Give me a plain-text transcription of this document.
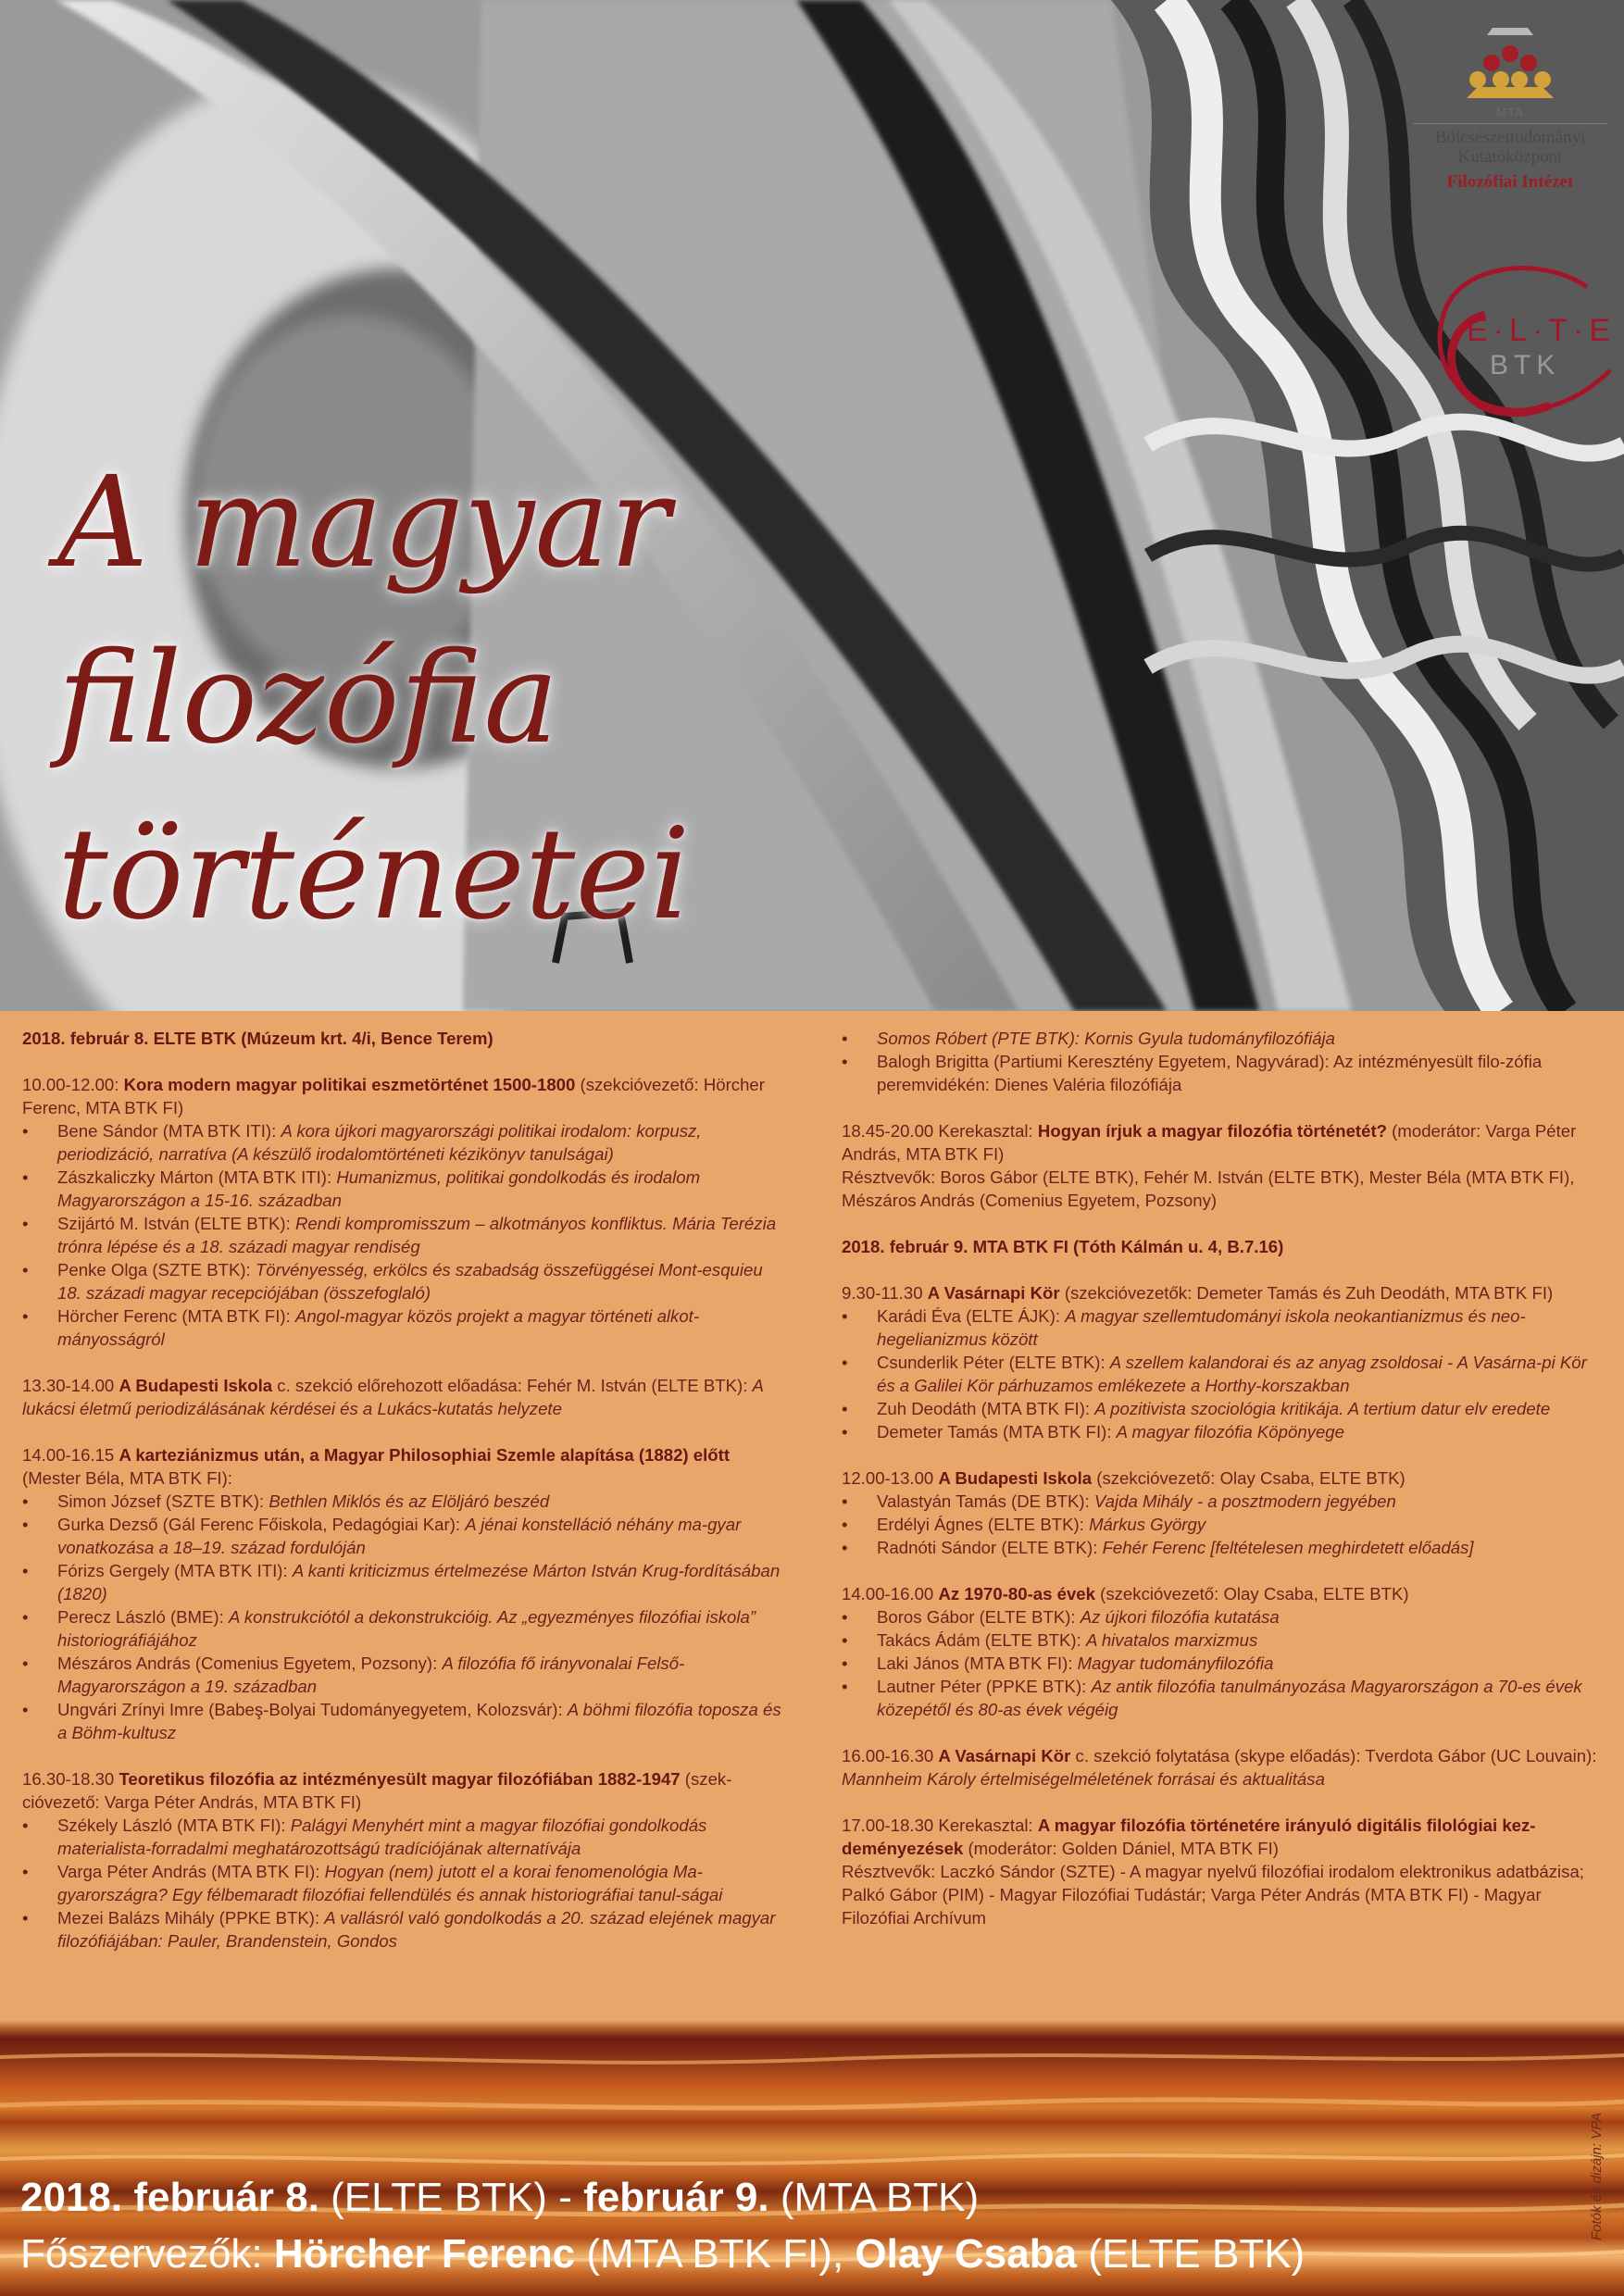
A magyar
filozófia
történetei
MTA
Bölcsészettudományi
Kutatóközpont
Filozófiai Intézet
E·L·T·E
BTK

2018. február 8. ELTE BTK (Múzeum krt. 4/i, Bence Terem)

10.00-12.00: Kora modern magyar politikai eszmetörténet 1500-1800 (szekcióvezető: Hörcher Ferenc, MTA BTK FI)

• Bene Sándor (MTA BTK ITI): A kora újkori magyarországi politikai irodalom: korpusz, periodizáció, narratíva (A készülő irodalomtörténeti kézikönyv tanulságai)
• Zászkaliczky Márton (MTA BTK ITI): Humanizmus, politikai gondolkodás és irodalom Magyarországon a 15-16. században
• Szijártó M. István (ELTE BTK): Rendi kompromisszum – alkotmányos konfliktus. Mária Terézia trónra lépése és a 18. századi magyar rendiség
• Penke Olga (SZTE BTK): Törvényesség, erkölcs és szabadság összefüggései Mont-esquieu 18. századi magyar recepciójában (összefoglaló)
• Hörcher Ferenc (MTA BTK FI): Angol-magyar közös projekt a magyar történeti alkot-mányosságról

13.30-14.00 A Budapesti Iskola c. szekció előrehozott előadása: Fehér M. István (ELTE BTK): A lukácsi életmű periodizálásának kérdései és a Lukács-kutatás helyzete

14.00-16.15 A karteziánizmus után, a Magyar Philosophiai Szemle alapítása (1882) előtt (Mester Béla, MTA BTK FI):

• Simon József (SZTE BTK): Bethlen Miklós és az Elöljáró beszéd
• Gurka Dezső (Gál Ferenc Főiskola, Pedagógiai Kar): A jénai konstelláció néhány ma-gyar vonatkozása a 18–19. század fordulóján
• Fórizs Gergely (MTA BTK ITI): A kanti kriticizmus értelmezése Márton István Krug-fordításában (1820)
• Perecz László (BME): A konstrukciótól a dekonstrukcióig. Az „egyezményes filozófiai iskola” historiográfiájához
• Mészáros András (Comenius Egyetem, Pozsony): A filozófia fő irányvonalai Felső-Magyarországon a 19. században
• Ungvári Zrínyi Imre (Babeş-Bolyai Tudományegyetem, Kolozsvár): A böhmi filozófia toposza és a Böhm-kultusz

16.30-18.30 Teoretikus filozófia az intézményesült magyar filozófiában 1882-1947 (szek-cióvezető: Varga Péter András, MTA BTK FI)

• Székely László (MTA BTK FI): Palágyi Menyhért mint a magyar filozófiai gondolkodás materialista-forradalmi meghatározottságú tradíciójának alternatívája
• Varga Péter András (MTA BTK FI): Hogyan (nem) jutott el a korai fenomenológia Ma-gyarországra? Egy félbemaradt filozófiai fellendülés és annak historiográfiai tanul-ságai
• Mezei Balázs Mihály (PPKE BTK): A vallásról való gondolkodás a 20. század elejének magyar filozófiájában: Pauler, Brandenstein, Gondos
• Somos Róbert (PTE BTK): Kornis Gyula tudományfilozófiája
• Balogh Brigitta (Partiumi Keresztény Egyetem, Nagyvárad): Az intézményesült filo-zófia peremvidékén: Dienes Valéria filozófiája

18.45-20.00 Kerekasztal: Hogyan írjuk a magyar filozófia történetét? (moderátor: Varga Péter András, MTA BTK FI)

Résztvevők: Boros Gábor (ELTE BTK), Fehér M. István (ELTE BTK), Mester Béla (MTA BTK FI), Mészáros András (Comenius Egyetem, Pozsony)

2018. február 9. MTA BTK FI (Tóth Kálmán u. 4, B.7.16)

9.30-11.30 A Vasárnapi Kör (szekcióvezetők: Demeter Tamás és Zuh Deodáth, MTA BTK FI)

• Karádi Éva (ELTE ÁJK): A magyar szellemtudományi iskola neokantianizmus és neo-hegelianizmus között
• Csunderlik Péter (ELTE BTK): A szellem kalandorai és az anyag zsoldosai - A Vasárna-pi Kör és a Galilei Kör párhuzamos emlékezete a Horthy-korszakban
• Zuh Deodáth (MTA BTK FI): A pozitivista szociológia kritikája. A tertium datur elv eredete
• Demeter Tamás (MTA BTK FI): A magyar filozófia Köpönyege

12.00-13.00 A Budapesti Iskola (szekcióvezető: Olay Csaba, ELTE BTK)

• Valastyán Tamás (DE BTK): Vajda Mihály - a posztmodern jegyében
• Erdélyi Ágnes (ELTE BTK): Márkus György
• Radnóti Sándor (ELTE BTK): Fehér Ferenc [feltételesen meghirdetett előadás]

14.00-16.00 Az 1970-80-as évek (szekcióvezető: Olay Csaba, ELTE BTK)

• Boros Gábor (ELTE BTK): Az újkori filozófia kutatása
• Takács Ádám (ELTE BTK): A hivatalos marxizmus
• Laki János (MTA BTK FI): Magyar tudományfilozófia
• Lautner Péter (PPKE BTK): Az antik filozófia tanulmányozása Magyarországon a 70-es évek közepétől és 80-as évek végéig

16.00-16.30 A Vasárnapi Kör c. szekció folytatása (skype előadás): Tverdota Gábor (UC Louvain): Mannheim Károly értelmiségelméletének forrásai és aktualitása

17.00-18.30 Kerekasztal: A magyar filozófia történetére irányuló digitális filológiai kez-deményezések (moderátor: Golden Dániel, MTA BTK FI)

Résztvevők: Laczkó Sándor (SZTE) - A magyar nyelvű filozófiai irodalom elektronikus adatbázisa; Palkó Gábor (PIM) - Magyar Filozófiai Tudástár; Varga Péter András (MTA BTK FI) - Magyar Filozófiai Archívum

2018. február 8. (ELTE BTK) - február 9. (MTA BTK)

Főszervezők: Hörcher Ferenc (MTA BTK FI), Olay Csaba (ELTE BTK)

Fotók és dizájn: VPA
